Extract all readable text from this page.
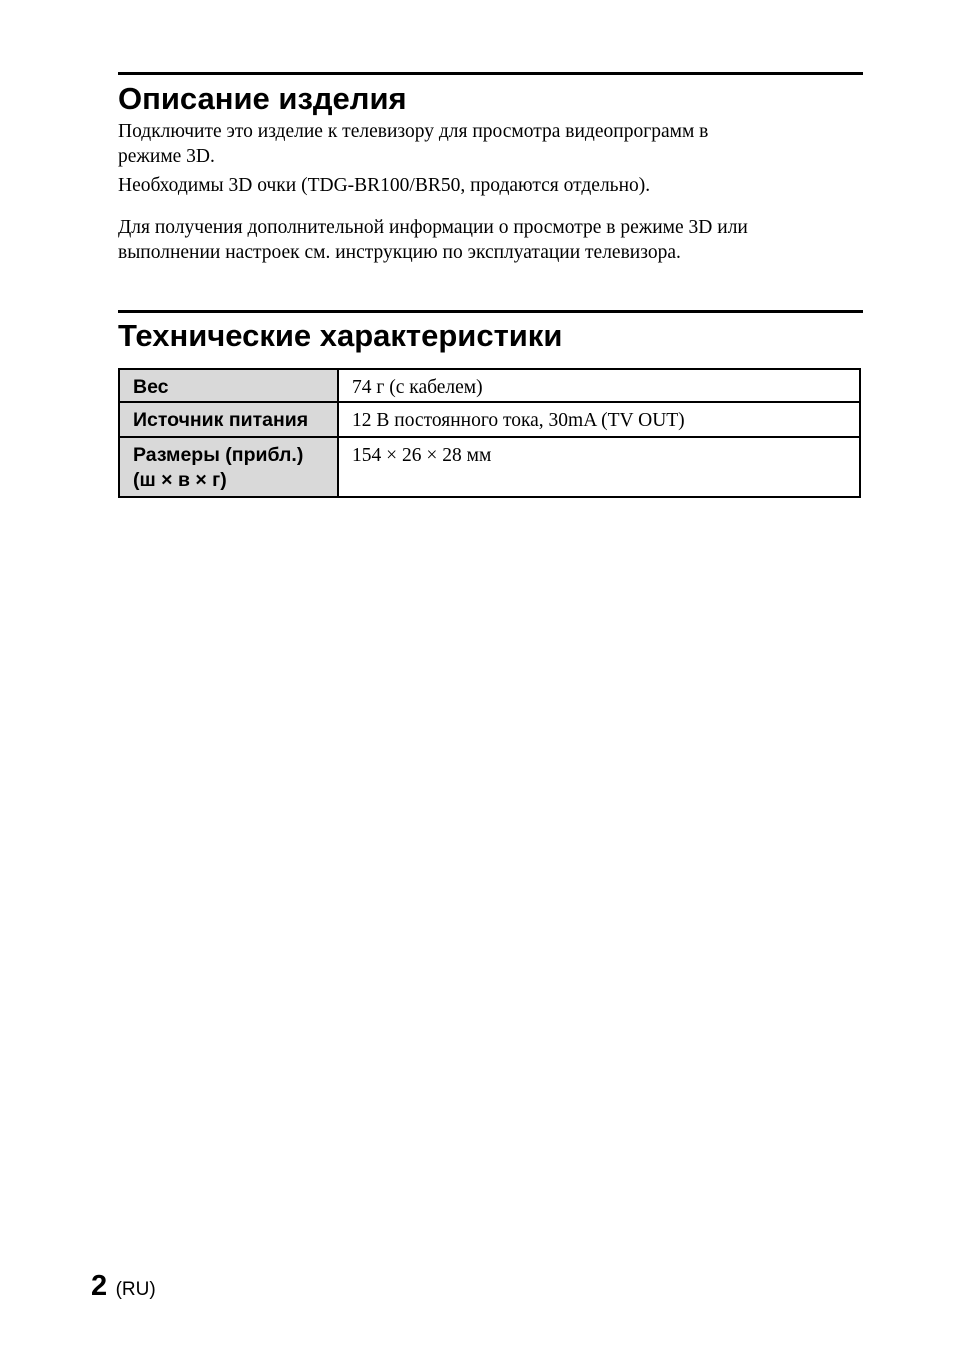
Описание изделия

Подключите это изделие к телевизору для просмотра видеопрограмм в
режиме 3D.

Необходимы 3D очки (TDG-BR100/BR50, продаются отдельно).

Для получения дополнительной информации о просмотре в режиме 3D или
выполнении настроек см. инструкцию по эксплуатации телевизора.

Технические характеристики
Вес	74 г (с кабелем)

Источник питания	12 В постоянного тока, 30mA (TV OUT)

Размеры (прибл.)
(ш × в × г)	154 × 26 × 28 мм
2 (RU)
